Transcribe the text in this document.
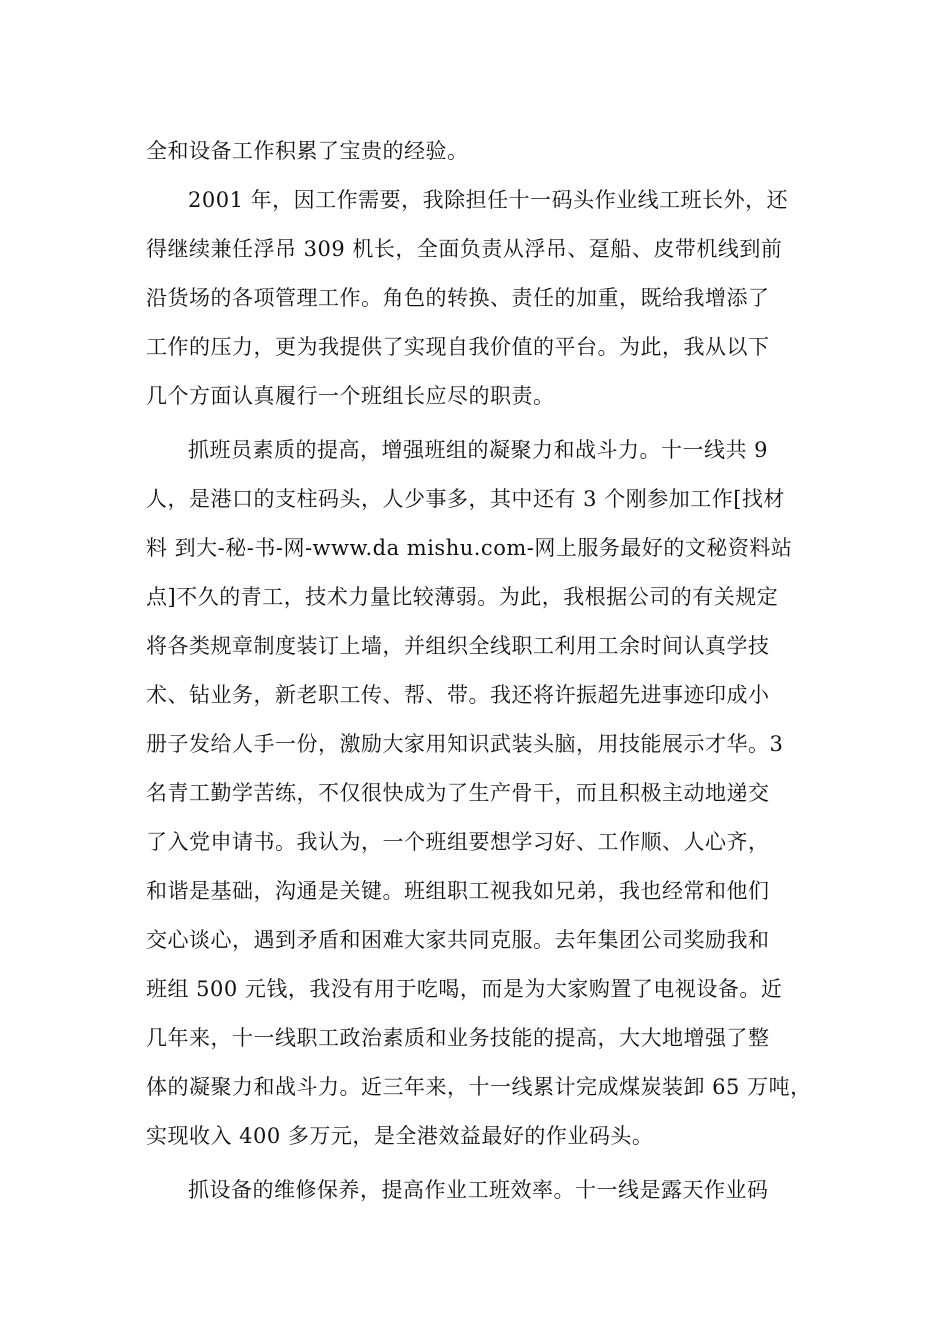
全和设备工作积累了宝贵的经验。
2001 年，因工作需要，我除担任十一码头作业线工班长外，还
得继续兼任浮吊 309 机长，全面负责从浮吊、趸船、皮带机线到前
沿货场的各项管理工作。角色的转换、责任的加重，既给我增添了
工作的压力，更为我提供了实现自我价值的平台。为此，我从以下
几个方面认真履行一个班组长应尽的职责。
抓班员素质的提高，增强班组的凝聚力和战斗力。十一线共 9
人，是港口的支柱码头，人少事多，其中还有 3 个刚参加工作[找材
料 到大-秘-书-网-www.da mishu.com-网上服务最好的文秘资料站
点]不久的青工，技术力量比较薄弱。为此，我根据公司的有关规定
将各类规章制度装订上墙，并组织全线职工利用工余时间认真学技
术、钻业务，新老职工传、帮、带。我还将许振超先进事迹印成小
册子发给人手一份，激励大家用知识武装头脑，用技能展示才华。3
名青工勤学苦练，不仅很快成为了生产骨干，而且积极主动地递交
了入党申请书。我认为，一个班组要想学习好、工作顺、人心齐，
和谐是基础，沟通是关键。班组职工视我如兄弟，我也经常和他们
交心谈心，遇到矛盾和困难大家共同克服。去年集团公司奖励我和
班组 500 元钱，我没有用于吃喝，而是为大家购置了电视设备。近
几年来，十一线职工政治素质和业务技能的提高，大大地增强了整
体的凝聚力和战斗力。近三年来，十一线累计完成煤炭装卸 65 万吨，
实现收入 400 多万元，是全港效益最好的作业码头。
抓设备的维修保养，提高作业工班效率。十一线是露天作业码
